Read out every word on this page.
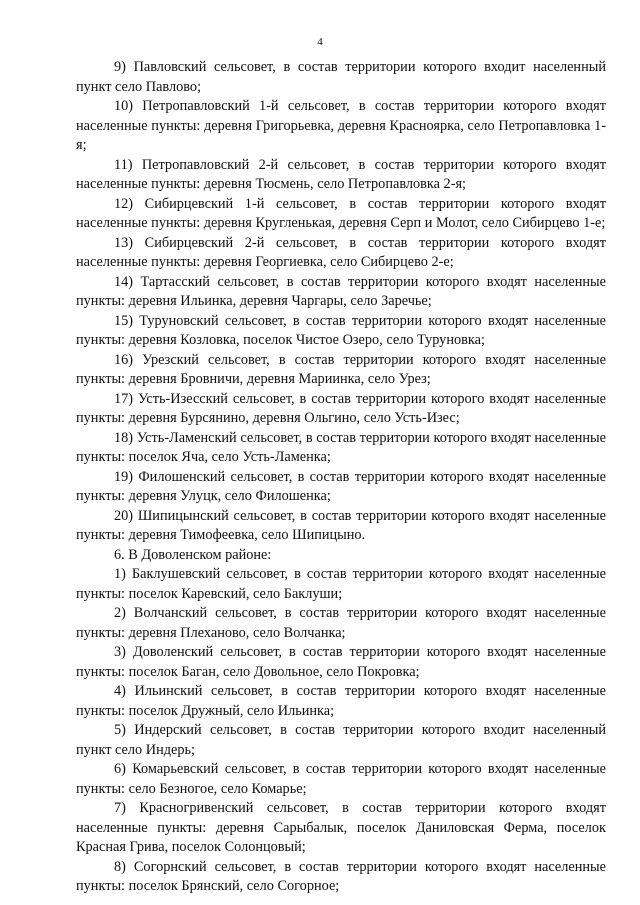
4

9) Павловский сельсовет, в состав территории которого входит населенный пункт село Павлово;

10) Петропавловский 1-й сельсовет, в состав территории которого входят населенные пункты: деревня Григорьевка, деревня Красноярка, село Петропавловка 1-я;

11) Петропавловский 2-й сельсовет, в состав территории которого входят населенные пункты: деревня Тюсмень, село Петропавловка 2-я;

12) Сибирцевский 1-й сельсовет, в состав территории которого входят населенные пункты: деревня Кругленькая, деревня Серп и Молот, село Сибирцево 1-е;

13) Сибирцевский 2-й сельсовет, в состав территории которого входят населенные пункты: деревня Георгиевка, село Сибирцево 2-е;

14) Тартасский сельсовет, в состав территории которого входят населенные пункты: деревня Ильинка, деревня Чаргары, село Заречье;

15) Туруновский сельсовет, в состав территории которого входят населенные пункты: деревня Козловка, поселок Чистое Озеро, село Туруновка;

16) Урезский сельсовет, в состав территории которого входят населенные пункты: деревня Бровничи, деревня Мариинка, село Урез;

17) Усть-Изесский сельсовет, в состав территории которого входят населенные пункты: деревня Бурсянино, деревня Ольгино, село Усть-Изес;

18) Усть-Ламенский сельсовет, в состав территории которого входят населенные пункты: поселок Яча, село Усть-Ламенка;

19) Филошенский сельсовет, в состав территории которого входят населенные пункты: деревня Улуцк, село Филошенка;

20) Шипицынский сельсовет, в состав территории которого входят населенные пункты: деревня Тимофеевка, село Шипицыно.

6. В Доволенском районе:

1) Баклушевский сельсовет, в состав территории которого входят населенные пункты: поселок Каревский, село Баклуши;

2) Волчанский сельсовет, в состав территории которого входят населенные пункты: деревня Плеханово, село Волчанка;

3) Доволенский сельсовет, в состав территории которого входят населенные пункты: поселок Баган, село Довольное, село Покровка;

4) Ильинский сельсовет, в состав территории которого входят населенные пункты: поселок Дружный, село Ильинка;

5) Индерский сельсовет, в состав территории которого входит населенный пункт село Индерь;

6) Комарьевский сельсовет, в состав территории которого входят населенные пункты: село Безногое, село Комарье;

7) Красногривенский сельсовет, в состав территории которого входят населенные пункты: деревня Сарыбалык, поселок Даниловская Ферма, поселок Красная Грива, поселок Солонцовый;

8) Согорнский сельсовет, в состав территории которого входят населенные пункты: поселок Брянский, село Согорное;
